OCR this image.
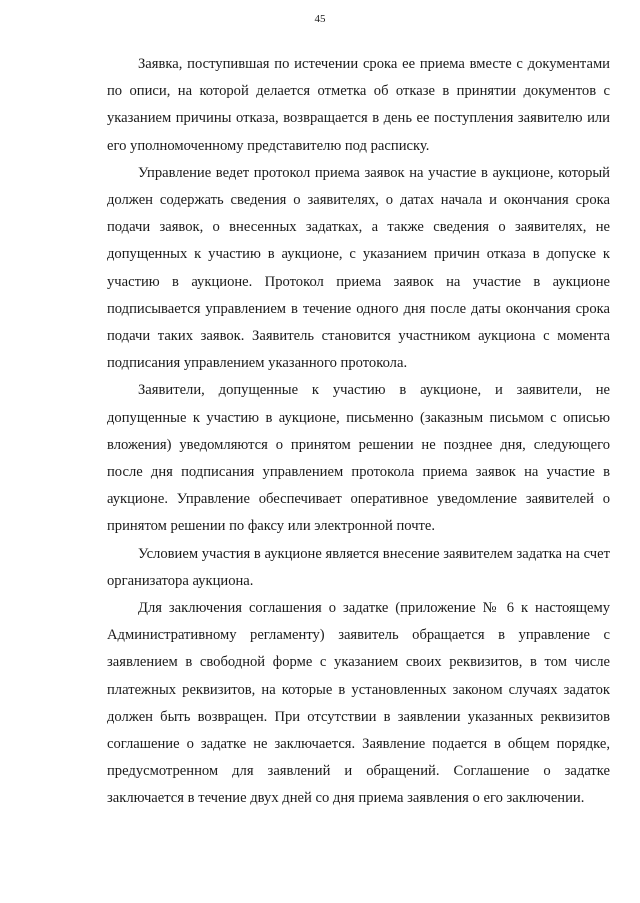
45

Заявка, поступившая по истечении срока ее приема вместе с документами по описи, на которой делается отметка об отказе в принятии документов с указанием причины отказа, возвращается в день ее поступления заявителю или его уполномоченному представителю под расписку.

Управление ведет протокол приема заявок на участие в аукционе, который должен содержать сведения о заявителях, о датах начала и окончания срока подачи заявок, о внесенных задатках, а также сведения о заявителях, не допущенных к участию в аукционе, с указанием причин отказа в допуске к участию в аукционе. Протокол приема заявок на участие в аукционе подписывается управлением в течение одного дня после даты окончания срока подачи таких заявок. Заявитель становится участником аукциона с момента подписания управлением указанного протокола.

Заявители, допущенные к участию в аукционе, и заявители, не допущенные к участию в аукционе, письменно (заказным письмом с описью вложения) уведомляются о принятом решении не позднее дня, следующего после дня подписания управлением протокола приема заявок на участие в аукционе. Управление обеспечивает оперативное уведомление заявителей о принятом решении по факсу или электронной почте.

Условием участия в аукционе является внесение заявителем задатка на счет организатора аукциона.

Для заключения соглашения о задатке (приложение № 6 к настоящему Административному регламенту) заявитель обращается в управление с заявлением в свободной форме с указанием своих реквизитов, в том числе платежных реквизитов, на которые в установленных законом случаях задаток должен быть возвращен. При отсутствии в заявлении указанных реквизитов соглашение о задатке не заключается. Заявление подается в общем порядке, предусмотренном для заявлений и обращений. Соглашение о задатке заключается в течение двух дней со дня приема заявления о его заключении.
